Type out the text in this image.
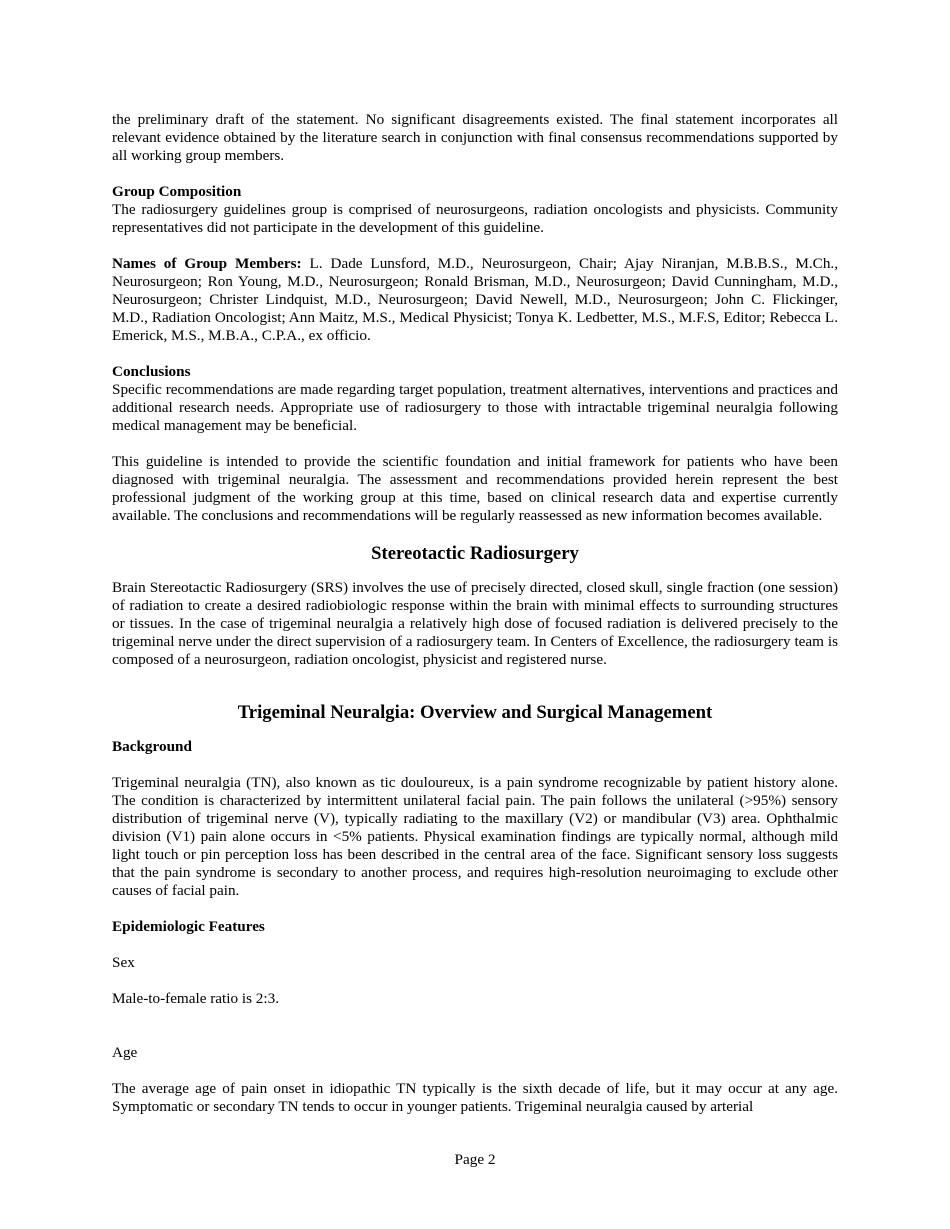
the preliminary draft of the statement. No significant disagreements existed. The final statement incorporates all relevant evidence obtained by the literature search in conjunction with final consensus recommendations supported by all working group members.

Group Composition

The radiosurgery guidelines group is comprised of neurosurgeons, radiation oncologists and physicists. Community representatives did not participate in the development of this guideline.

Names of Group Members: L. Dade Lunsford, M.D., Neurosurgeon, Chair; Ajay Niranjan, M.B.B.S., M.Ch., Neurosurgeon; Ron Young, M.D., Neurosurgeon; Ronald Brisman, M.D., Neurosurgeon; David Cunningham, M.D., Neurosurgeon; Christer Lindquist, M.D., Neurosurgeon; David Newell, M.D., Neurosurgeon; John C. Flickinger, M.D., Radiation Oncologist; Ann Maitz, M.S., Medical Physicist; Tonya K. Ledbetter, M.S., M.F.S, Editor; Rebecca L. Emerick, M.S., M.B.A., C.P.A., ex officio.

Conclusions

Specific recommendations are made regarding target population, treatment alternatives, interventions and practices and additional research needs. Appropriate use of radiosurgery to those with intractable trigeminal neuralgia following medical management may be beneficial.

This guideline is intended to provide the scientific foundation and initial framework for patients who have been diagnosed with trigeminal neuralgia. The assessment and recommendations provided herein represent the best professional judgment of the working group at this time, based on clinical research data and expertise currently available. The conclusions and recommendations will be regularly reassessed as new information becomes available.

Stereotactic Radiosurgery

Brain Stereotactic Radiosurgery (SRS) involves the use of precisely directed, closed skull, single fraction (one session) of radiation to create a desired radiobiologic response within the brain with minimal effects to surrounding structures or tissues. In the case of trigeminal neuralgia a relatively high dose of focused radiation is delivered precisely to the trigeminal nerve under the direct supervision of a radiosurgery team. In Centers of Excellence, the radiosurgery team is composed of a neurosurgeon, radiation oncologist, physicist and registered nurse.

Trigeminal Neuralgia: Overview and Surgical Management

Background

Trigeminal neuralgia (TN), also known as tic douloureux, is a pain syndrome recognizable by patient history alone. The condition is characterized by intermittent unilateral facial pain. The pain follows the unilateral (>95%) sensory distribution of trigeminal nerve (V), typically radiating to the maxillary (V2) or mandibular (V3) area. Ophthalmic division (V1) pain alone occurs in <5% patients. Physical examination findings are typically normal, although mild light touch or pin perception loss has been described in the central area of the face. Significant sensory loss suggests that the pain syndrome is secondary to another process, and requires high-resolution neuroimaging to exclude other causes of facial pain.

Epidemiologic Features

Sex

Male-to-female ratio is 2:3.

Age

The average age of pain onset in idiopathic TN typically is the sixth decade of life, but it may occur at any age. Symptomatic or secondary TN tends to occur in younger patients. Trigeminal neuralgia caused by arterial

Page 2
